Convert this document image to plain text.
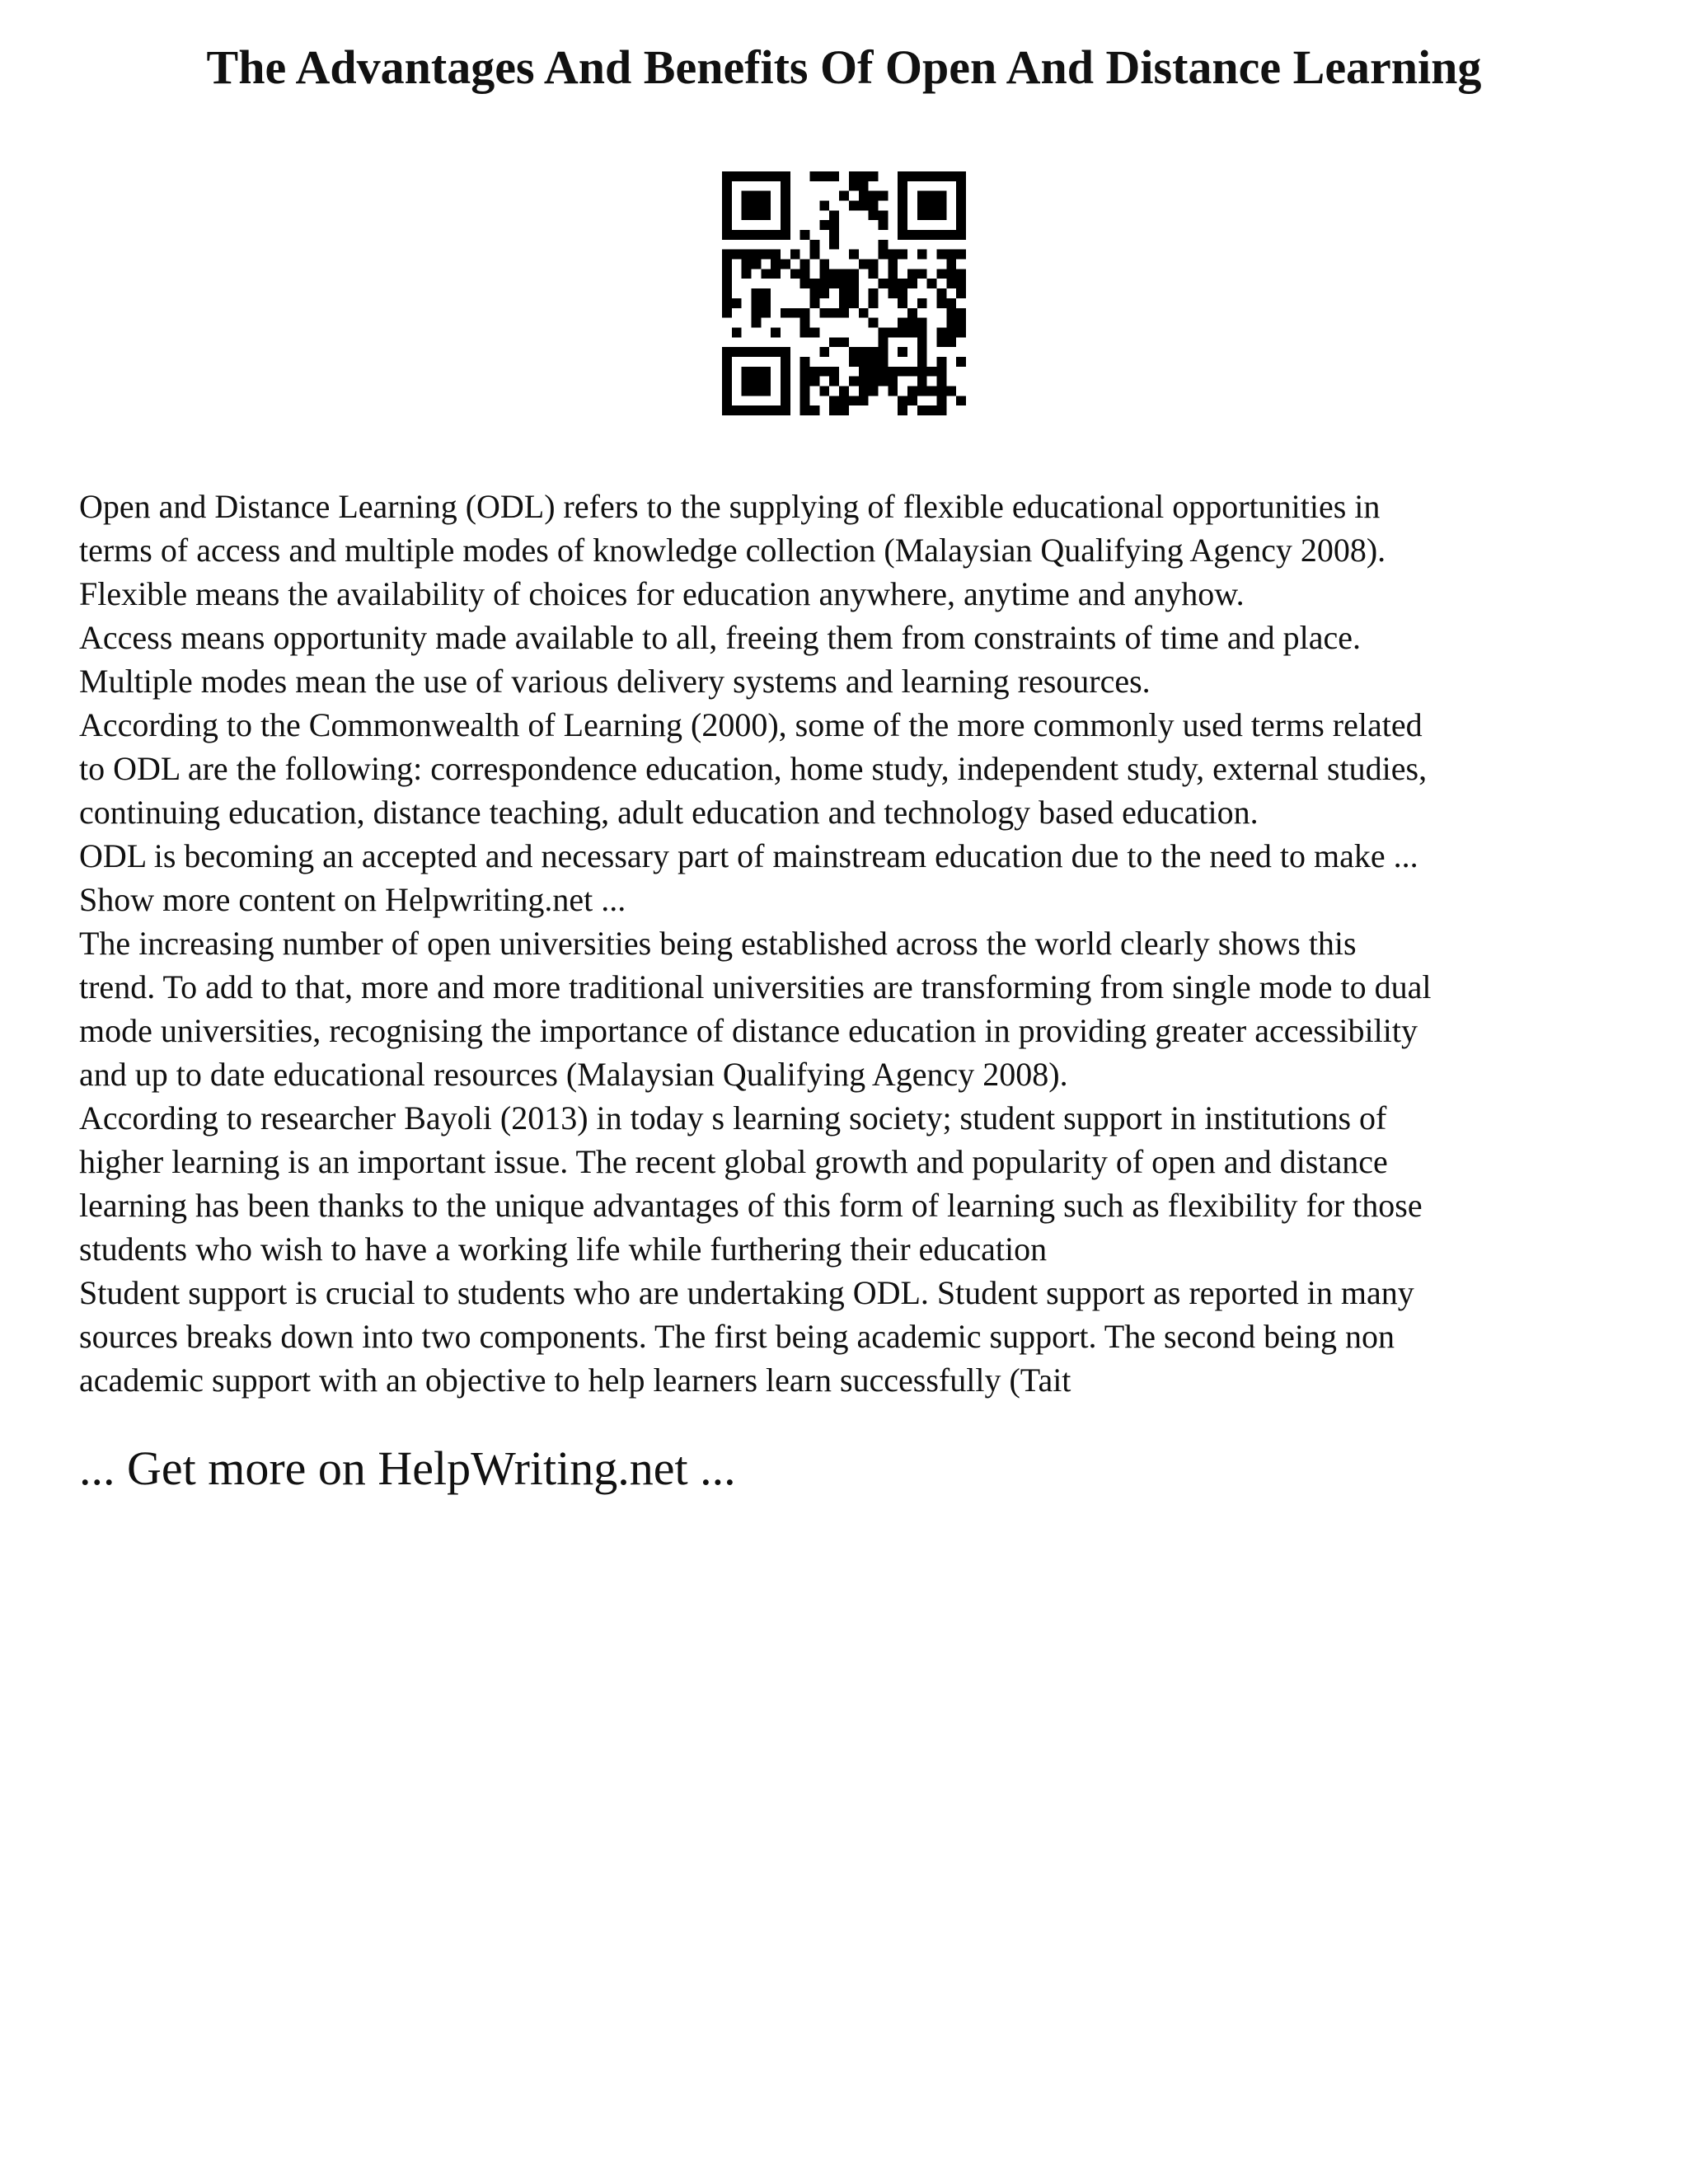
The Advantages And Benefits Of Open And Distance Learning
Open and Distance Learning (ODL) refers to the supplying of flexible educational opportunities in
terms of access and multiple modes of knowledge collection (Malaysian Qualifying Agency 2008).
Flexible means the availability of choices for education anywhere, anytime and anyhow.
Access means opportunity made available to all, freeing them from constraints of time and place.
Multiple modes mean the use of various delivery systems and learning resources.
According to the Commonwealth of Learning (2000), some of the more commonly used terms related
to ODL are the following: correspondence education, home study, independent study, external studies,
continuing education, distance teaching, adult education and technology based education.
ODL is becoming an accepted and necessary part of mainstream education due to the need to make ...
Show more content on Helpwriting.net ...
The increasing number of open universities being established across the world clearly shows this
trend. To add to that, more and more traditional universities are transforming from single mode to dual
mode universities, recognising the importance of distance education in providing greater accessibility
and up to date educational resources (Malaysian Qualifying Agency 2008).
According to researcher Bayoli (2013) in today s learning society; student support in institutions of
higher learning is an important issue. The recent global growth and popularity of open and distance
learning has been thanks to the unique advantages of this form of learning such as flexibility for those
students who wish to have a working life while furthering their education
Student support is crucial to students who are undertaking ODL. Student support as reported in many
sources breaks down into two components. The first being academic support. The second being non
academic support with an objective to help learners learn successfully (Tait
... Get more on HelpWriting.net ...
